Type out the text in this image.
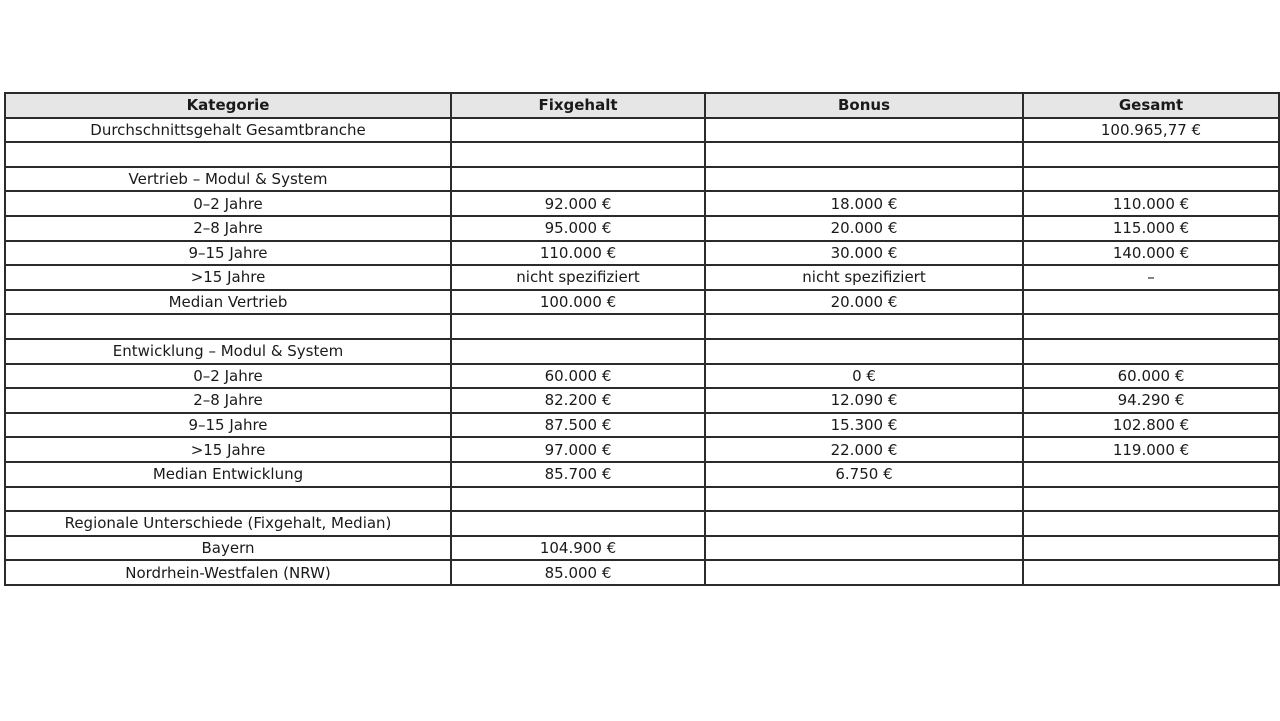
Kategorie	Fixgehalt	Bonus	Gesamt
Durchschnittsgehalt Gesamtbranche			100.965,77 €

Vertrieb – Modul & System			
0–2 Jahre	92.000 €	18.000 €	110.000 €
2–8 Jahre	95.000 €	20.000 €	115.000 €
9–15 Jahre	110.000 €	30.000 €	140.000 €
>15 Jahre	nicht spezifiziert	nicht spezifiziert	–
Median Vertrieb	100.000 €	20.000 €	

Entwicklung – Modul & System			
0–2 Jahre	60.000 €	0 €	60.000 €
2–8 Jahre	82.200 €	12.090 €	94.290 €
9–15 Jahre	87.500 €	15.300 €	102.800 €
>15 Jahre	97.000 €	22.000 €	119.000 €
Median Entwicklung	85.700 €	6.750 €	

Regionale Unterschiede (Fixgehalt, Median)			
Bayern	104.900 €		
Nordrhein-Westfalen (NRW)	85.000 €		
